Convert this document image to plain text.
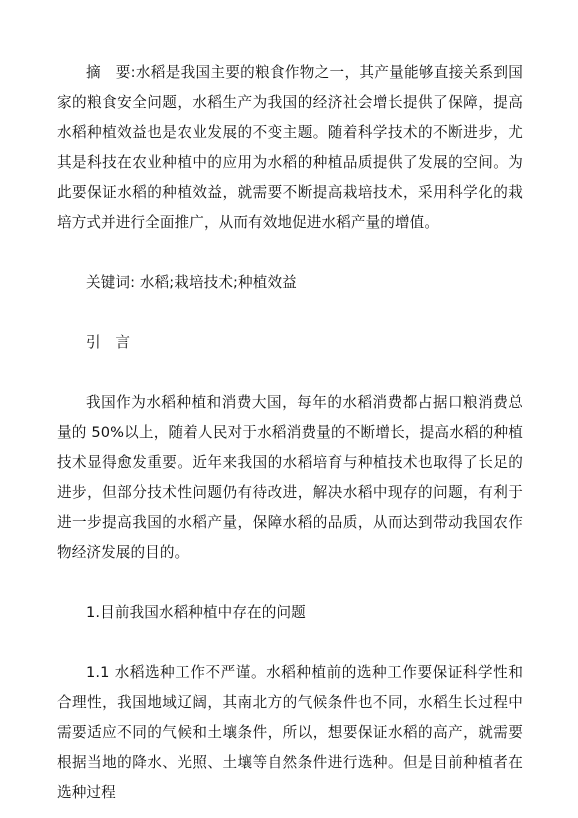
摘　要:水稻是我国主要的粮食作物之一，其产量能够直接关系到国家的粮食安全问题，水稻生产为我国的经济社会增长提供了保障，提高水稻种植效益也是农业发展的不变主题。随着科学技术的不断进步，尤其是科技在农业种植中的应用为水稻的种植品质提供了发展的空间。为此要保证水稻的种植效益，就需要不断提高栽培技术，采用科学化的栽培方式并进行全面推广，从而有效地促进水稻产量的增值。

关键词: 水稻;栽培技术;种植效益

引　言

我国作为水稻种植和消费大国，每年的水稻消费都占据口粮消费总量的 50%以上，随着人民对于水稻消费量的不断增长，提高水稻的种植技术显得愈发重要。近年来我国的水稻培育与种植技术也取得了长足的进步，但部分技术性问题仍有待改进，解决水稻中现存的问题，有利于进一步提高我国的水稻产量，保障水稻的品质，从而达到带动我国农作物经济发展的目的。

1.目前我国水稻种植中存在的问题

1.1 水稻选种工作不严谨。水稻种植前的选种工作要保证科学性和合理性，我国地域辽阔，其南北方的气候条件也不同，水稻生长过程中需要适应不同的气候和土壤条件，所以，想要保证水稻的高产，就需要根据当地的降水、光照、土壤等自然条件进行选种。但是目前种植者在选种过程
